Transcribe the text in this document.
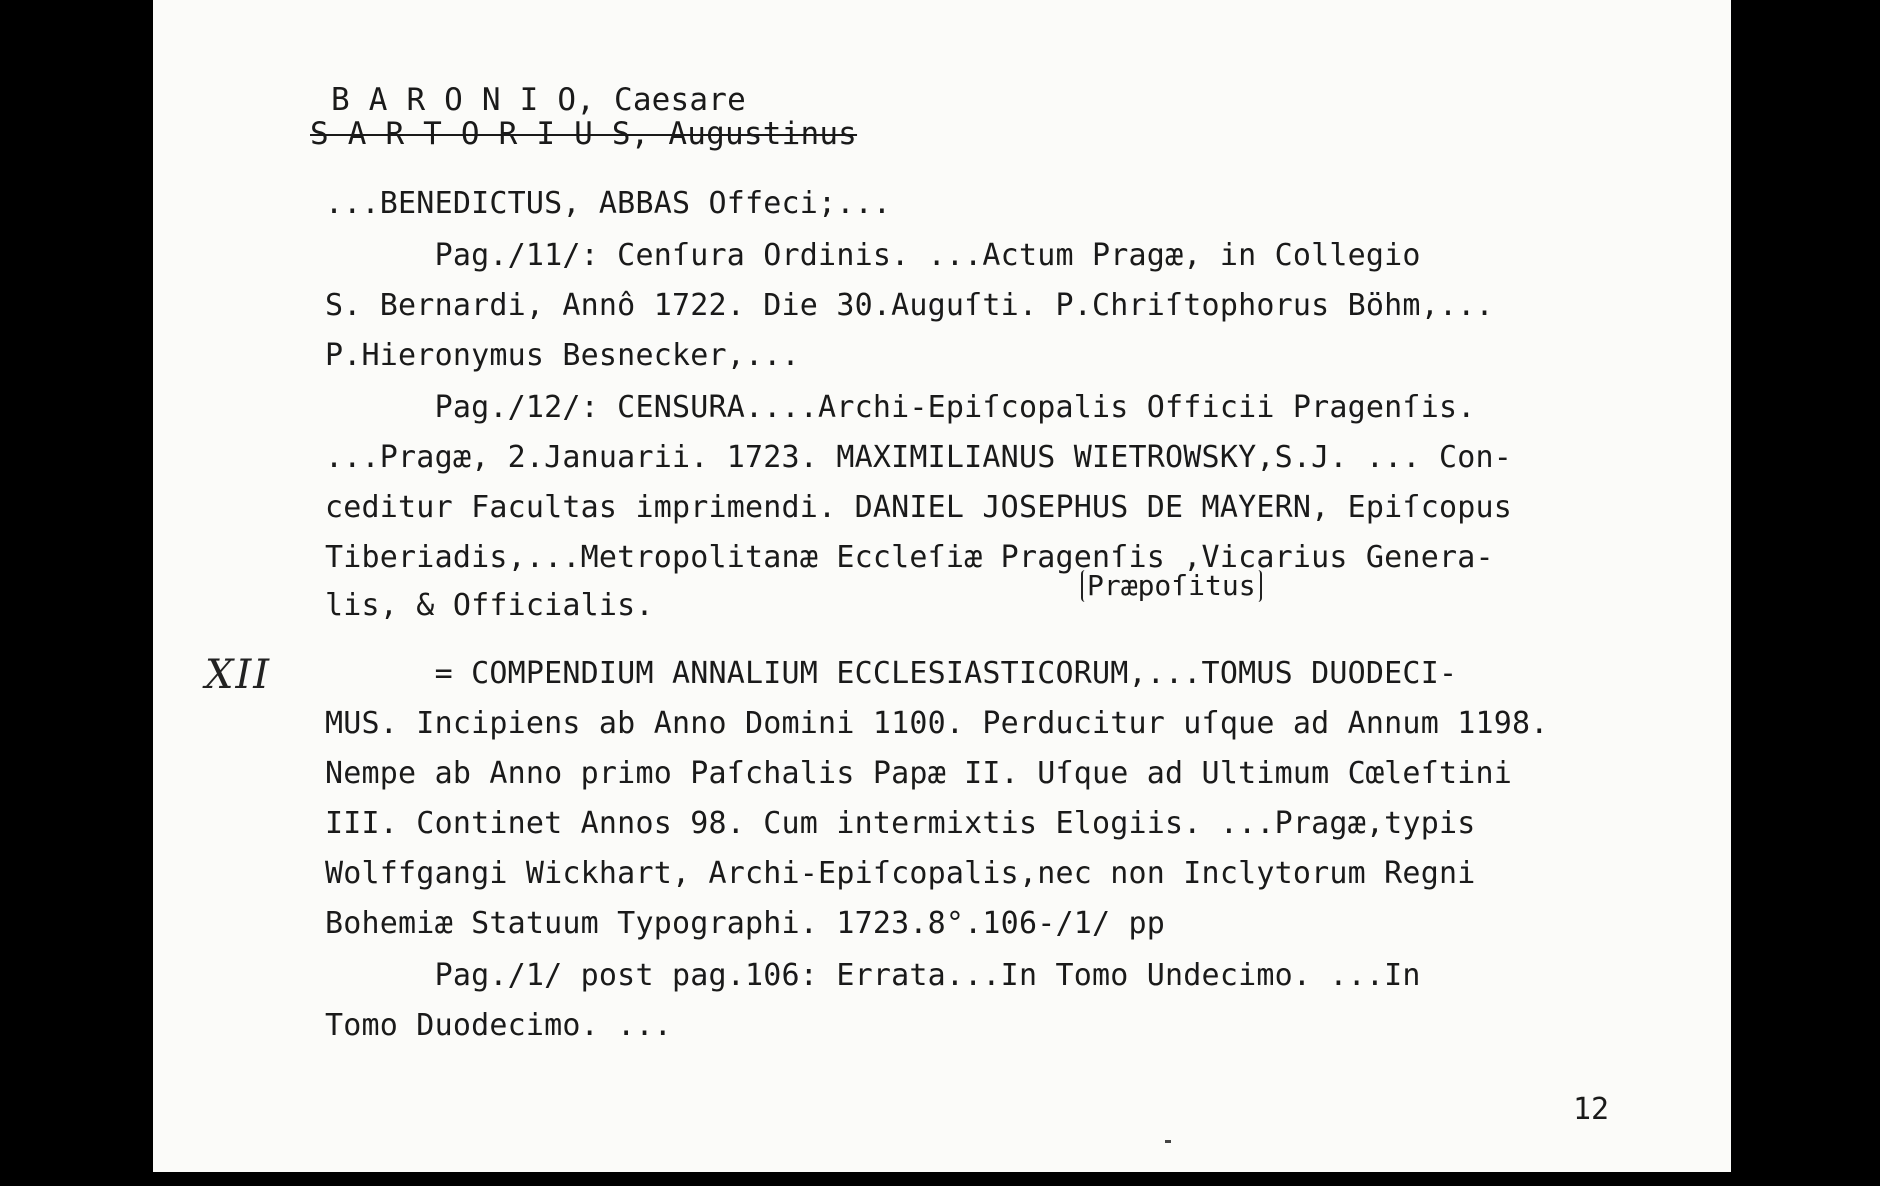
B A R O N I O, Caesare
S A R T O R I U S, Augustinus
...BENEDICTUS, ABBAS Offeci;...
Pag./11/: Cenſura Ordinis. ...Actum Pragæ, in Collegio
S. Bernardi, Annô 1722. Die 30.Auguſti. P.Chriſtophorus Böhm,...
P.Hieronymus Besnecker,...
Pag./12/: CENSURA....Archi-Epiſcopalis Officii Pragenſis.
...Pragæ, 2.Januarii. 1723. MAXIMILIANUS WIETROWSKY,S.J. ... Con-
ceditur Facultas imprimendi. DANIEL JOSEPHUS DE MAYERN, Epiſcopus
Tiberiadis,...Metropolitanæ Eccleſiæ Pragenſis ,Vicarius Genera-
lis, & Officialis.
Præpoſitus
XII = COMPENDIUM ANNALIUM ECCLESIASTICORUM,...TOMUS DUODECI-
MUS. Incipiens ab Anno Domini 1100. Perducitur uſque ad Annum 1198.
Nempe ab Anno primo Paſchalis Papæ II. Uſque ad Ultimum Cœleſtini
III. Continet Annos 98. Cum intermixtis Elogiis. ...Pragæ,typis
Wolffgangi Wickhart, Archi-Epiſcopalis,nec non Inclytorum Regni
Bohemiæ Statuum Typographi. 1723.8°.106-/1/ pp
Pag./1/ post pag.106: Errata...In Tomo Undecimo. ...In
Tomo Duodecimo. ...
12
